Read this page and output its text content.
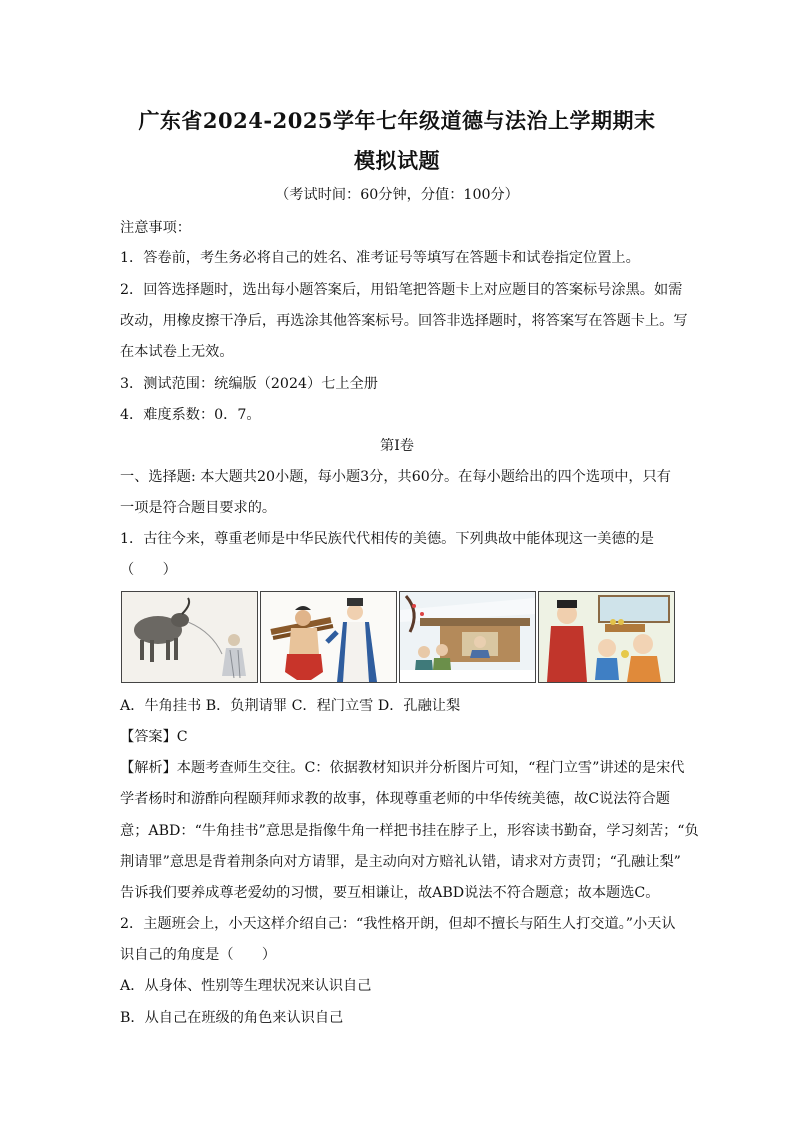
广东省2024-2025学年七年级道德与法治上学期期末
模拟试题
（考试时间：60分钟，分值：100分）
注意事项：
1．答卷前，考生务必将自己的姓名、准考证号等填写在答题卡和试卷指定位置上。
2．回答选择题时，选出每小题答案后，用铅笔把答题卡上对应题目的答案标号涂黑。如需
改动，用橡皮擦干净后，再选涂其他答案标号。回答非选择题时，将答案写在答题卡上。写
在本试卷上无效。
3．测试范围：统编版（2024）七上全册
4．难度系数：0．7。
第Ⅰ卷
一、选择题: 本大题共20小题，每小题3分，共60分。在每小题给出的四个选项中，只有
一项是符合题目要求的。
1．古往今来，尊重老师是中华民族代代相传的美德。下列典故中能体现这一美德的是
（　　）
A．牛角挂书 B．负荆请罪 C．程门立雪 D．孔融让梨
【答案】C
【解析】本题考查师生交往。C：依据教材知识并分析图片可知，“程门立雪”讲述的是宋代
学者杨时和游酢向程颐拜师求教的故事，体现尊重老师的中华传统美德，故C说法符合题
意；ABD：“牛角挂书”意思是指像牛角一样把书挂在脖子上，形容读书勤奋，学习刻苦；“负
荆请罪”意思是背着荆条向对方请罪，是主动向对方赔礼认错，请求对方责罚；“孔融让梨”
告诉我们要养成尊老爱幼的习惯，要互相谦让，故ABD说法不符合题意；故本题选C。
2．主题班会上，小天这样介绍自己：“我性格开朗，但却不擅长与陌生人打交道。”小天认
识自己的角度是（　　）
A．从身体、性别等生理状况来认识自己
B．从自己在班级的角色来认识自己
